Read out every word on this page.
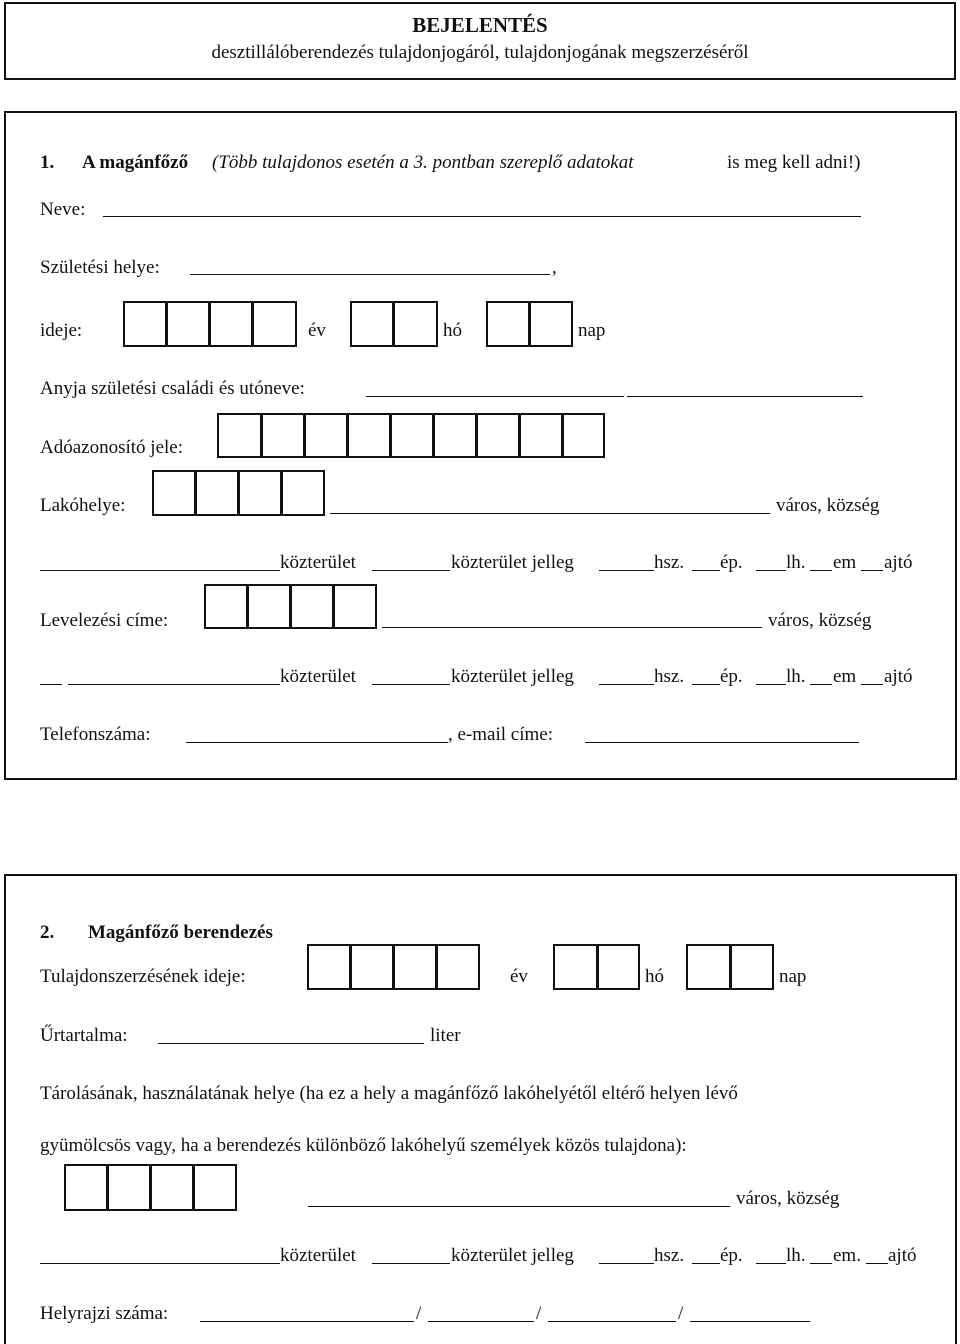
BEJELENTÉS
desztillálóberendezés tulajdonjogáról, tulajdonjogának megszerzéséről
1. A magánfőző (Több tulajdonos esetén a 3. pontban szereplő adatokat	is meg kell adni!)
Neve:
Születési helye:	,
ideje:	év	hó	nap
Anyja születési családi és utóneve:
Adóazonosító jele:
Lakóhelye:	város, község
közterület	közterület jelleg	hsz. ép. lh. em ajtó
Levelezési címe:	város, község
közterület	közterület jelleg	hsz. ép. lh. em ajtó
Telefonszáma:	, e-mail címe:
2. Magánfőző berendezés
Tulajdonszerzésének ideje:	év	hó	nap
Űrtartalma:	liter
Tárolásának, használatának helye (ha ez a hely a magánfőző lakóhelyétől eltérő helyen lévő
gyümölcsös vagy, ha a berendezés különböző lakóhelyű személyek közös tulajdona):
város, község
közterület	közterület jelleg	hsz. ép. lh. em. ajtó
Helyrajzi száma:	/	/	/
